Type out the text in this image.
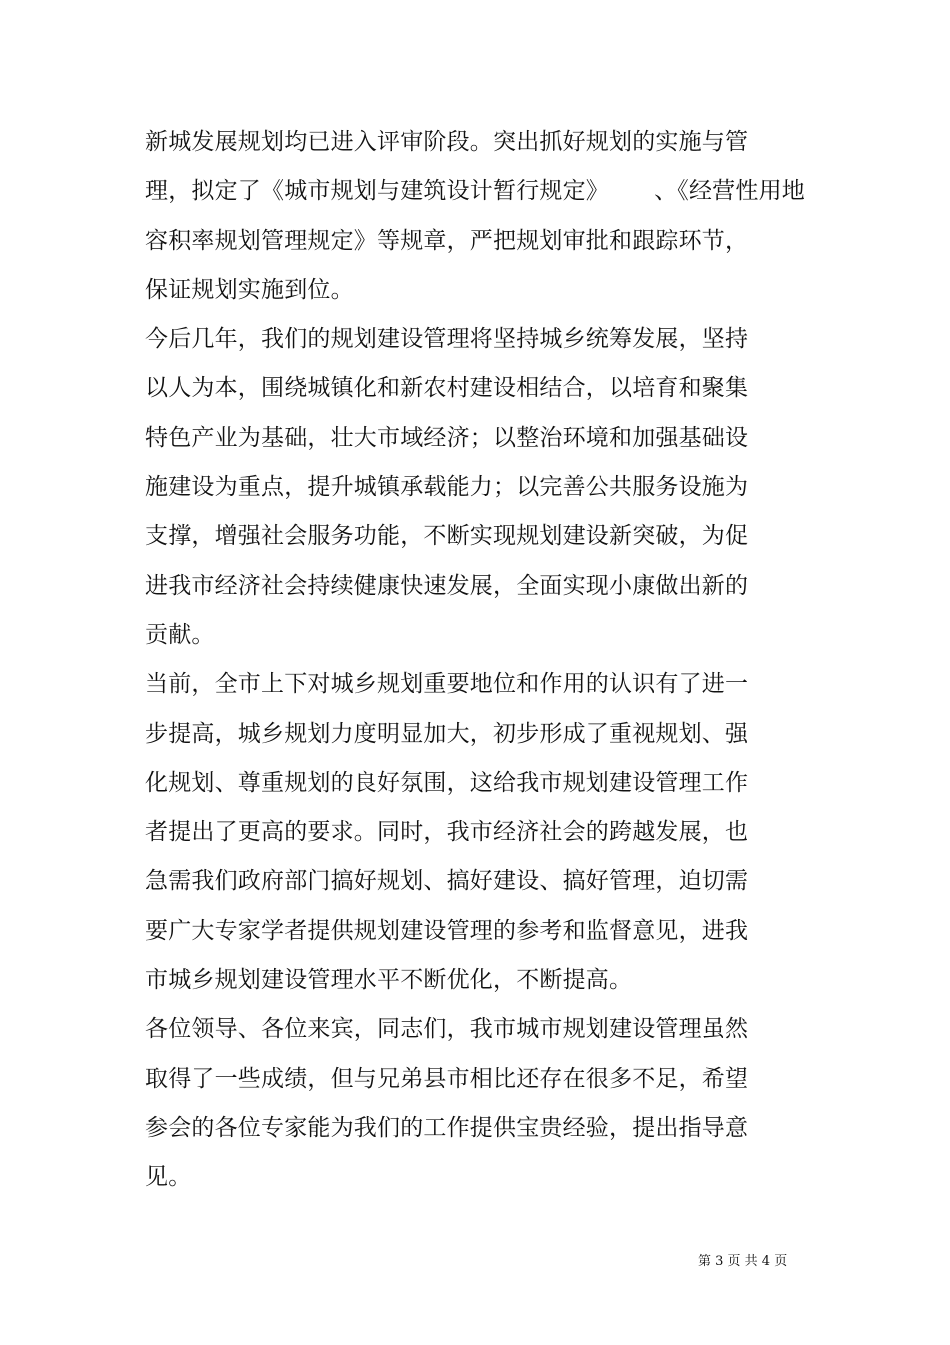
新城发展规划均已进入评审阶段。突出抓好规划的实施与管
理，拟定了《城市规划与建筑设计暂行规定》      、《经营性用地
容积率规划管理规定》等规章，严把规划审批和跟踪环节，
保证规划实施到位。
今后几年，我们的规划建设管理将坚持城乡统筹发展，坚持
以人为本，围绕城镇化和新农村建设相结合，以培育和聚集
特色产业为基础，壮大市域经济；以整治环境和加强基础设
施建设为重点，提升城镇承载能力；以完善公共服务设施为
支撑，增强社会服务功能，不断实现规划建设新突破，为促
进我市经济社会持续健康快速发展，全面实现小康做出新的
贡献。
当前，全市上下对城乡规划重要地位和作用的认识有了进一
步提高，城乡规划力度明显加大，初步形成了重视规划、强
化规划、尊重规划的良好氛围，这给我市规划建设管理工作
者提出了更高的要求。同时，我市经济社会的跨越发展，也
急需我们政府部门搞好规划、搞好建设、搞好管理，迫切需
要广大专家学者提供规划建设管理的参考和监督意见，进我
市城乡规划建设管理水平不断优化，不断提高。
各位领导、各位来宾，同志们，我市城市规划建设管理虽然
取得了一些成绩，但与兄弟县市相比还存在很多不足，希望
参会的各位专家能为我们的工作提供宝贵经验，提出指导意
见。
第 3 页 共 4 页
